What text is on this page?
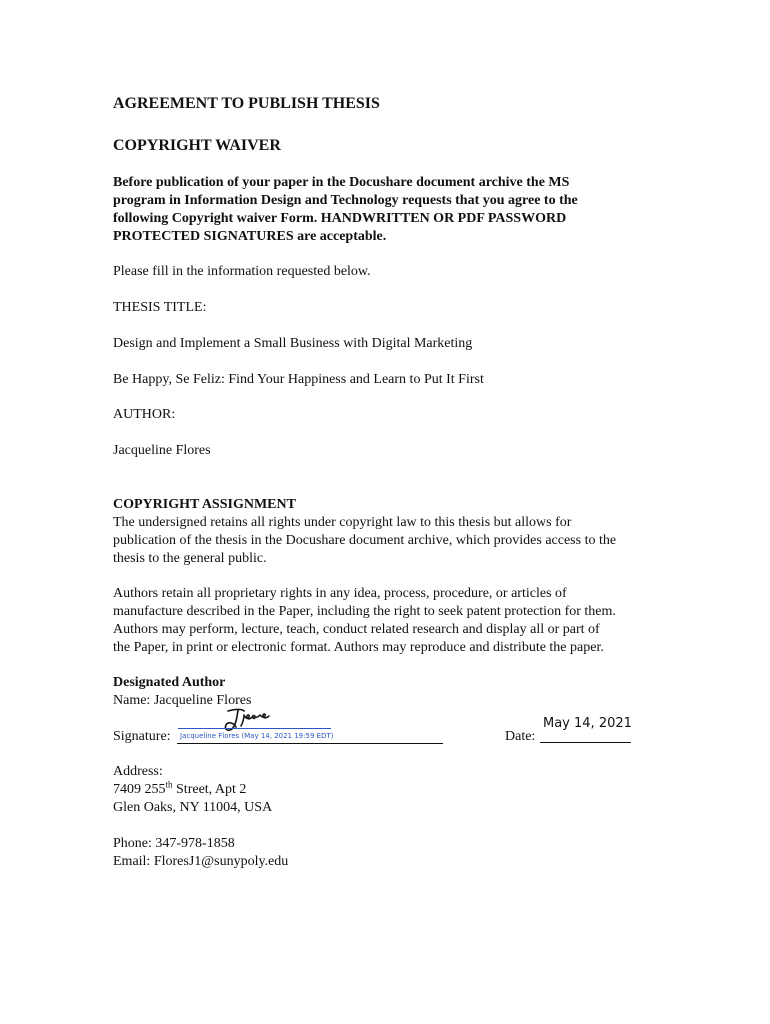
AGREEMENT TO PUBLISH THESIS
COPYRIGHT WAIVER
Before publication of your paper in the Docushare document archive the MS
program in Information Design and Technology requests that you agree to the
following Copyright waiver Form. HANDWRITTEN OR PDF PASSWORD
PROTECTED SIGNATURES are acceptable.
Please fill in the information requested below.
THESIS TITLE:
Design and Implement a Small Business with Digital Marketing
Be Happy, Se Feliz: Find Your Happiness and Learn to Put It First
AUTHOR:
Jacqueline Flores
COPYRIGHT ASSIGNMENT
The undersigned retains all rights under copyright law to this thesis but allows for
publication of the thesis in the Docushare document archive, which provides access to the
thesis to the general public.
Authors retain all proprietary rights in any idea, process, procedure, or articles of
manufacture described in the Paper, including the right to seek patent protection for them.
Authors may perform, lecture, teach, conduct related research and display all or part of
the Paper, in print or electronic format. Authors may reproduce and distribute the paper.
Designated Author
Name: Jacqueline Flores
Signature: Jacqueline Flores (May 14, 2021 19:59 EDT)
May 14, 2021
Date:
Address:
7409 255th Street, Apt 2
Glen Oaks, NY 11004, USA
Phone: 347-978-1858
Email: FloresJ1@sunypoly.edu
